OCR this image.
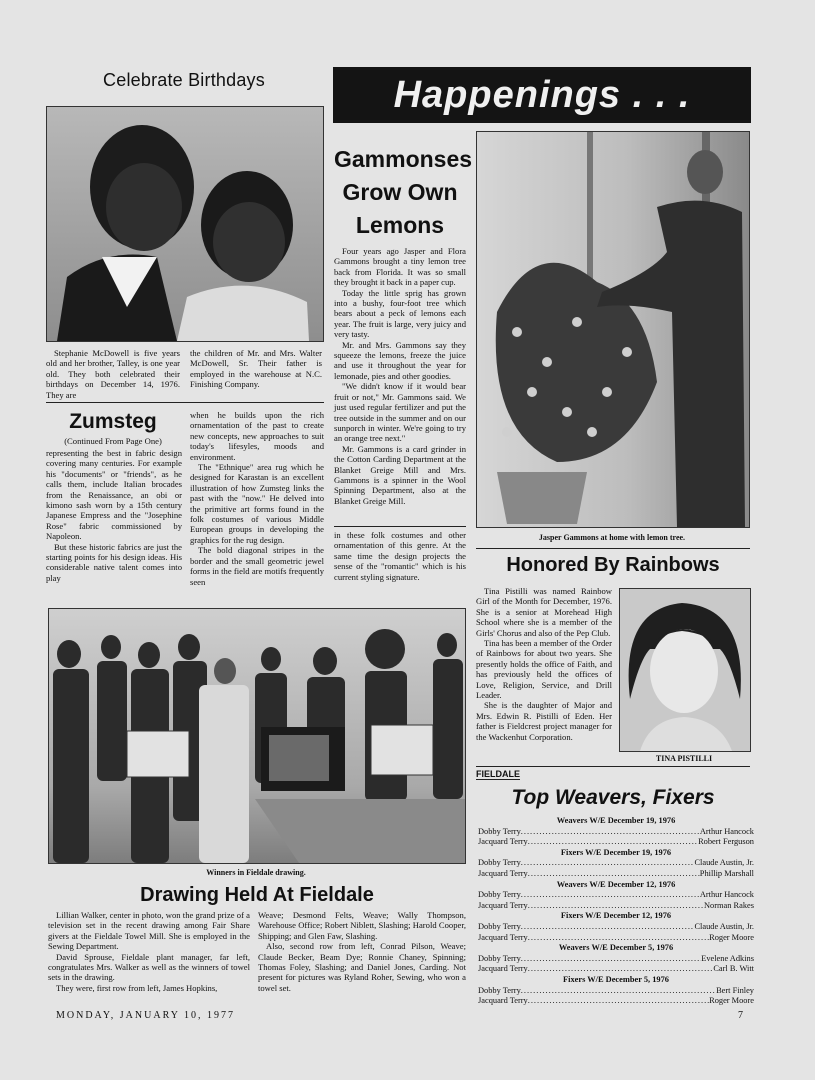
Celebrate Birthdays
Stephanie McDowell is five years old and her brother, Talley, is one year old. They both celebrated their birthdays on December 14, 1976. They are
the children of Mr. and Mrs. Walter McDowell, Sr. Their father is employed in the warehouse at N.C. Finishing Company.
Zumsteg
(Continued From Page One)

representing the best in fabric design covering many centuries. For example his "documents" or "friends", as he calls them, include Italian brocades from the Renaissance, an obi or kimono sash worn by a 15th century Japanese Empress and the "Josephine Rose" fabric commissioned by Napoleon.

But these historic fabrics are just the starting points for his design ideas. His considerable native talent comes into play

when he builds upon the rich ornamentation of the past to create new concepts, new approaches to suit today's lifesyles, moods and environment.

The "Ethnique" area rug which he designed for Karastan is an excellent illustration of how Zumsteg links the past with the "now." He delved into the primitive art forms found in the folk costumes of various Middle European groups in developing the graphics for the rug design.

The bold diagonal stripes in the border and the small geometric jewel forms in the field are motifs frequently seen

in these folk costumes and other ornamentation of this genre. At the same time the design projects the sense of the "romantic" which is his current styling signature.

Happenings . . .
Gammonses Grow Own Lemons

Four years ago Jasper and Flora Gammons brought a tiny lemon tree back from Florida. It was so small they brought it back in a paper cup.

Today the little sprig has grown into a bushy, four-foot tree which bears about a peck of lemons each year. The fruit is large, very juicy and very tasty.

Mr. and Mrs. Gammons say they squeeze the lemons, freeze the juice and use it throughout the year for lemonade, pies and other goodies.

"We didn't know if it would bear fruit or not," Mr. Gammons said. We just used regular fertilizer and put the tree outside in the summer and on our sunporch in winter. We're going to try an orange tree next."

Mr. Gammons is a card grinder in the Cotton Carding Department at the Blanket Greige Mill and Mrs. Gammons is a spinner in the Wool Spinning Department, also at the Blanket Greige Mill.

Jasper Gammons at home with lemon tree.
Honored By Rainbows

Tina Pistilli was named Rainbow Girl of the Month for December, 1976. She is a senior at Morehead High School where she is a member of the Girls' Chorus and also of the Pep Club.

Tina has been a member of the Order of Rainbows for about two years. She presently holds the office of Faith, and has previously held the offices of Love, Religion, Service, and Drill Leader.

She is the daughter of Major and Mrs. Edwin R. Pistilli of Eden. Her father is Fieldcrest project manager for the Wackenhut Corporation.

TINA PISTILLI
FIELDALE
Top Weavers, Fixers
Weavers W/E December 19, 1976
Dobby Terry .....	Arthur Hancock
Jacquard Terry .....	Robert Ferguson
Fixers W/E December 19, 1976
Dobby Terry .....	Claude Austin, Jr.
Jacquard Terry .....	Phillip Marshall
Weavers W/E December 12, 1976
Dobby Terry .....	Arthur Hancock
Jacquard Terry .....	Norman Rakes
Fixers W/E December 12, 1976
Dobby Terry .....	Claude Austin, Jr.
Jacquard Terry .....	Roger Moore
Weavers W/E December 5, 1976
Dobby Terry .....	Evelene Adkins
Jacquard Terry .....	Carl B. Witt
Fixers W/E December 5, 1976
Dobby Terry .....	Bert Finley
Jacquard Terry .....	Roger Moore
Winners in Fieldale drawing.
Drawing Held At Fieldale

Lillian Walker, center in photo, won the grand prize of a television set in the recent drawing among Fair Share givers at the Fieldale Towel Mill. She is employed in the Sewing Department.

David Sprouse, Fieldale plant manager, far left, congratulates Mrs. Walker as well as the winners of towel sets in the drawing.

They were, first row from left, James Hopkins,

Weave; Desmond Felts, Weave; Wally Thompson, Warehouse Office; Robert Niblett, Slashing; Harold Cooper, Shipping; and Glen Faw, Slashing.

Also, second row from left, Conrad Pilson, Weave; Claude Becker, Beam Dye; Ronnie Chaney, Spinning; Thomas Foley, Slashing; and Daniel Jones, Carding. Not present for pictures was Ryland Roher, Sewing, who won a towel set.

MONDAY, JANUARY 10, 1977	7
